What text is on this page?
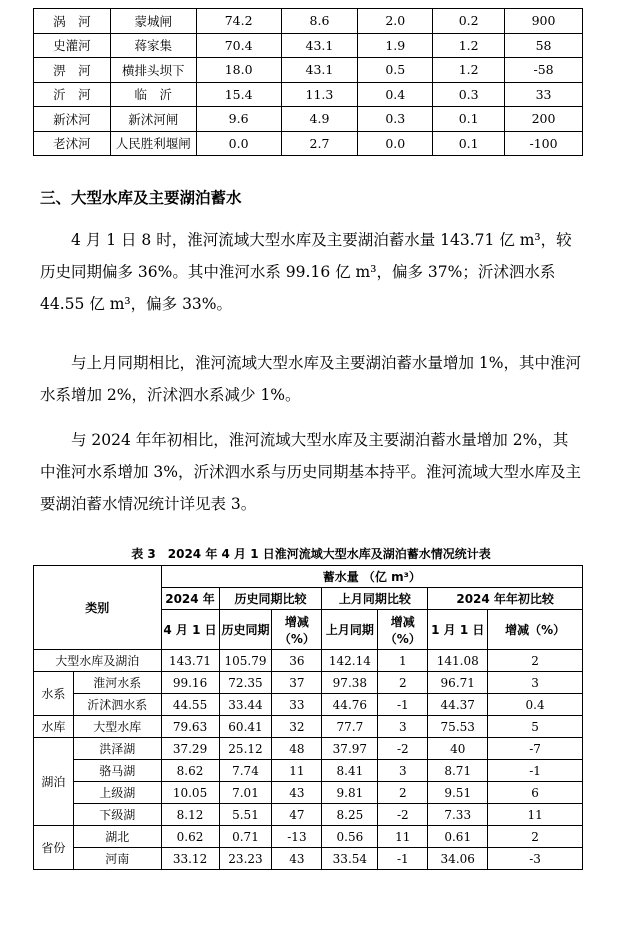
涡　河	蒙城闸	74.2	8.6	2.0	0.2	900
史灌河	蒋家集	70.4	43.1	1.9	1.2	58
淠　河	横排头坝下	18.0	43.1	0.5	1.2	-58
沂　河	临　沂	15.4	11.3	0.4	0.3	33
新沭河	新沭河闸	9.6	4.9	0.3	0.1	200
老沭河	人民胜利堰闸	0.0	2.7	0.0	0.1	-100
三、大型水库及主要湖泊蓄水

4 月 1 日 8 时，淮河流域大型水库及主要湖泊蓄水量 143.71 亿 m³，较历史同期偏多 36%。其中淮河水系 99.16 亿 m³，偏多 37%；沂沭泗水系 44.55 亿 m³，偏多 33%。

与上月同期相比，淮河流域大型水库及主要湖泊蓄水量增加 1%，其中淮河水系增加 2%，沂沭泗水系减少 1%。

与 2024 年年初相比，淮河流域大型水库及主要湖泊蓄水量增加 2%，其中淮河水系增加 3%，沂沭泗水系与历史同期基本持平。淮河流域大型水库及主要湖泊蓄水情况统计详见表 3。

表 3　2024 年 4 月 1 日淮河流域大型水库及湖泊蓄水情况统计表

类别		蓄水量 （亿 m³）						
		2024 年	历史同期比较		上月同期比较		2024 年年初比较	
		4 月 1 日	历史同期	增减（%）	上月同期	增减（%）	1 月 1 日	增减（%）
大型水库及湖泊		143.71	105.79	36	142.14	1	141.08	2
水系	淮河水系	99.16	72.35	37	97.38	2	96.71	3
	沂沭泗水系	44.55	33.44	33	44.76	-1	44.37	0.4
水库	大型水库	79.63	60.41	32	77.7	3	75.53	5
湖泊	洪泽湖	37.29	25.12	48	37.97	-2	40	-7
	骆马湖	8.62	7.74	11	8.41	3	8.71	-1
	上级湖	10.05	7.01	43	9.81	2	9.51	6
	下级湖	8.12	5.51	47	8.25	-2	7.33	11
省份	湖北	0.62	0.71	-13	0.56	11	0.61	2
	河南	33.12	23.23	43	33.54	-1	34.06	-3
